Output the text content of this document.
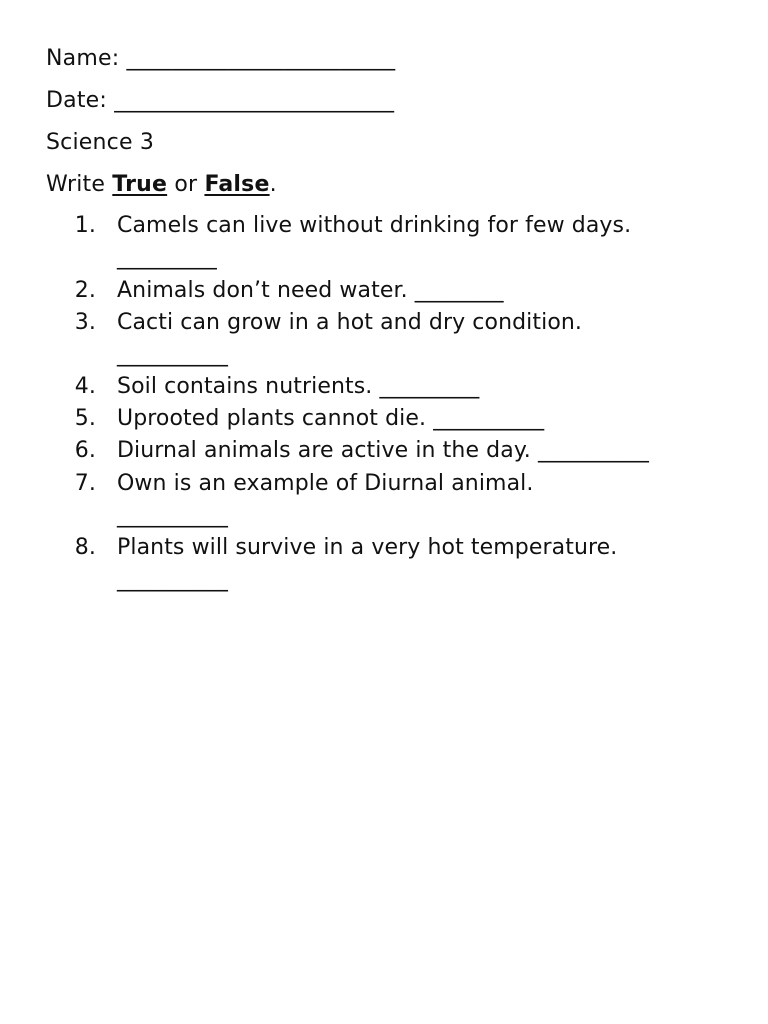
Name: ________________________
Date: _________________________
Science 3
Write True or False.
1. Camels can live without drinking for few days.
_________
2. Animals don’t need water. ________
3. Cacti can grow in a hot and dry condition.
__________
4. Soil contains nutrients. _________
5. Uprooted plants cannot die. __________
6. Diurnal animals are active in the day. __________
7. Own is an example of Diurnal animal.
__________
8. Plants will survive in a very hot temperature.
__________
